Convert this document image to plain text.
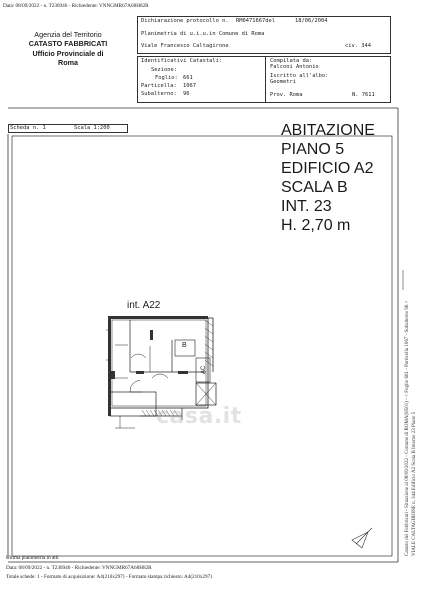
Data: 08/09/2022 - n. T236946 - Richiedente: VNNGMR67A68H82R
Agenzia del Territorio
CATASTO FABBRICATI
Ufficio Provinciale di
Roma
Dichiarazione protocollo n. RM0471667del	18/06/2004
Planimetria di u.i.u.in Comune di Roma
Viale Francesco Caltagirone	civ. 344
Identificativi Catastali:
Sezione:
Foglio: 661
Particella: 1067
Subalterno: 96
Compilata da:
Falconi Antonio
Iscritto all'albo:
Geometri
Prov. Roma	N. 7611
Scheda n. 1	Scala 1:200
int. A22
B
AC
ABITAZIONE
PIANO 5
EDIFICIO A2
SCALA B
INT. 23
H. 2,70 m
casa.it	Catasto dei Fabbricati - Situazione al 08/09/2022 - Comune di ROMA(H501) - < Foglio 661 - Particella 1067 - Subalterno 96 > VIALE CALTAGIRONE n. 344 Edificio A2 Scala B Interno 23 Piano 5
Ultima planimetria in atti
Data: 08/09/2022 - n. T236946 - Richiedente: VNNGMR67A68H82R
Totale schede: 1 - Formato di acquisizione: A4(210x297) - Formato stampa richiesto: A4(210x297)
